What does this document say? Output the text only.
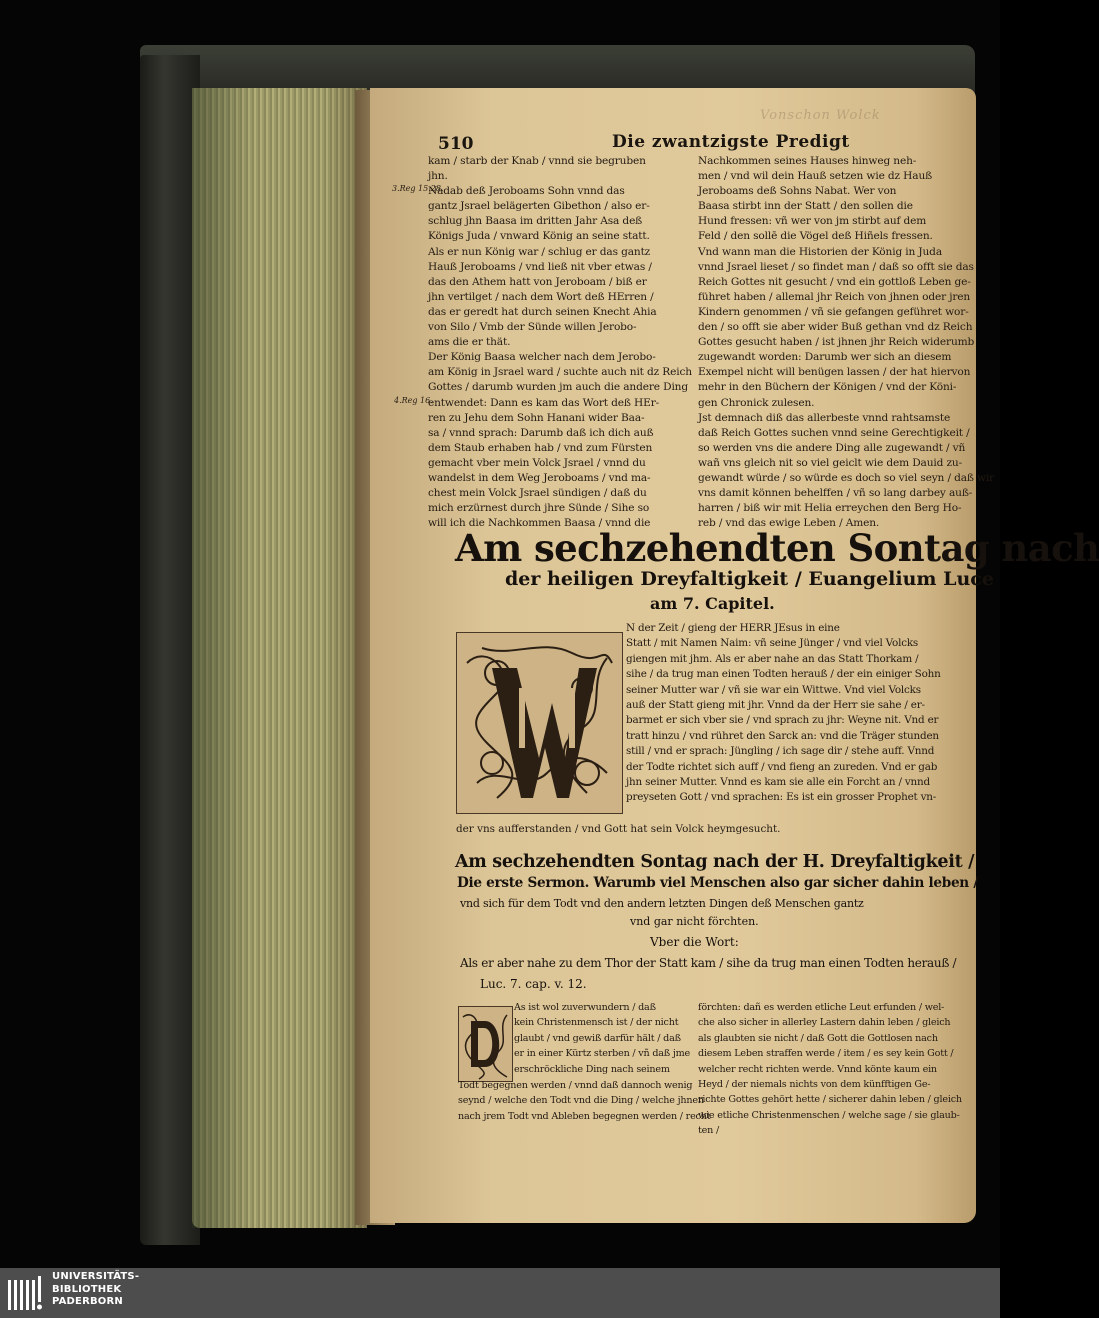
Vonschon Wolck
510	Die zwantzigste Predigt
3.Reg 15.28.
4.Reg 16.
kam / starb der Knab / vnnd sie begruben
jhn.
Nadab deß Jeroboams Sohn vnnd das
gantz Jsrael belägerten Gibethon / also er-
schlug jhn Baasa im dritten Jahr Asa deß
Königs Juda / vnward König an seine statt.
Als er nun König war / schlug er das gantz
Hauß Jeroboams / vnd ließ nit vber etwas /
das den Athem hatt von Jeroboam / biß er
jhn vertilget / nach dem Wort deß HErren /
das er geredt hat durch seinen Knecht Ahia
von Silo / Vmb der Sünde willen Jerobo-
ams die er thät.
Der König Baasa welcher nach dem Jerobo-
am König in Jsrael ward / suchte auch nit dz Reich
Gottes / darumb wurden jm auch die andere Ding
entwendet: Dann es kam das Wort deß HEr-
ren zu Jehu dem Sohn Hanani wider Baa-
sa / vnnd sprach: Darumb daß ich dich auß
dem Staub erhaben hab / vnd zum Fürsten
gemacht vber mein Volck Jsrael / vnnd du
wandelst in dem Weg Jeroboams / vnd ma-
chest mein Volck Jsrael sündigen / daß du
mich erzürnest durch jhre Sünde / Sihe so
will ich die Nachkommen Baasa / vnnd die
Nachkommen seines Hauses hinweg neh-
men / vnd wil dein Hauß setzen wie dz Hauß
Jeroboams deß Sohns Nabat. Wer von
Baasa stirbt inn der Statt / den sollen die
Hund fressen: vñ wer von jm stirbt auf dem
Feld / den sollē die Vögel deß Hiñels fressen.
Vnd wann man die Historien der König in Juda
vnnd Jsrael lieset / so findet man / daß so offt sie das
Reich Gottes nit gesucht / vnd ein gottloß Leben ge-
führet haben / allemal jhr Reich von jhnen oder jren
Kindern genommen / vñ sie gefangen geführet wor-
den / so offt sie aber wider Buß gethan vnd dz Reich
Gottes gesucht haben / ist jhnen jhr Reich widerumb
zugewandt worden: Darumb wer sich an diesem
Exempel nicht will benügen lassen / der hat hiervon
mehr in den Büchern der Königen / vnd der Köni-
gen Chronick zulesen.
Jst demnach diß das allerbeste vnnd rahtsamste
daß Reich Gottes suchen vnnd seine Gerechtigkeit /
so werden vns die andere Ding alle zugewandt / vñ
wañ vns gleich nit so viel geiclt wie dem Dauid zu-
gewandt würde / so würde es doch so viel seyn / daß wir
vns damit können behelffen / vñ so lang darbey auß-
harren / biß wir mit Helia erreychen den Berg Ho-
reb / vnd das ewige Leben / Amen.
Am sechzehendten Sontag nach
der heiligen Dreyfaltigkeit / Euangelium Luce
am 7. Capitel.
N der Zeit / gieng der HERR JEsus in eine
Statt / mit Namen Naim: vñ seine Jünger / vnd viel Volcks
giengen mit jhm. Als er aber nahe an das Statt Thorkam /
sihe / da trug man einen Todten herauß / der ein einiger Sohn
seiner Mutter war / vñ sie war ein Wittwe. Vnd viel Volcks
auß der Statt gieng mit jhr. Vnnd da der Herr sie sahe / er-
barmet er sich vber sie / vnd sprach zu jhr: Weyne nit. Vnd er
tratt hinzu / vnd rühret den Sarck an: vnd die Träger stunden
still / vnd er sprach: Jüngling / ich sage dir / stehe auff. Vnnd
der Todte richtet sich auff / vnd fieng an zureden. Vnd er gab
jhn seiner Mutter. Vnnd es kam sie alle ein Forcht an / vnnd
preyseten Gott / vnd sprachen: Es ist ein grosser Prophet vn-
der vns aufferstanden / vnd Gott hat sein Volck heymgesucht.
Am sechzehendten Sontag nach der H. Dreyfaltigkeit /
Die erste Sermon. Warumb viel Menschen also gar sicher dahin leben /
vnd sich für dem Todt vnd den andern letzten Dingen deß Menschen gantz
vnd gar nicht förchten.
Vber die Wort:
Als er aber nahe zu dem Thor der Statt kam / sihe da trug man einen Todten herauß /
Luc. 7. cap. v. 12.
As ist wol zuverwundern / daß
kein Christenmensch ist / der nicht
glaubt / vnd gewiß darfür hält / daß
er in einer Kürtz sterben / vñ daß jme
erschröckliche Ding nach seinem
Todt begegnen werden / vnnd daß dannoch wenig
seynd / welche den Todt vnd die Ding / welche jhnen
nach jrem Todt vnd Ableben begegnen werden / recht
förchten: dañ es werden etliche Leut erfunden / wel-
che also sicher in allerley Lastern dahin leben / gleich
als glaubten sie nicht / daß Gott die Gottlosen nach
diesem Leben straffen werde / item / es sey kein Gott /
welcher recht richten werde. Vnnd könte kaum ein
Heyd / der niemals nichts von dem künfftigen Ge-
richte Gottes gehört hette / sicherer dahin leben / gleich
wie etliche Christenmenschen / welche sage / sie glaub-
ten /
UNIVERSITÄTS-
BIBLIOTHEK
PADERBORN
